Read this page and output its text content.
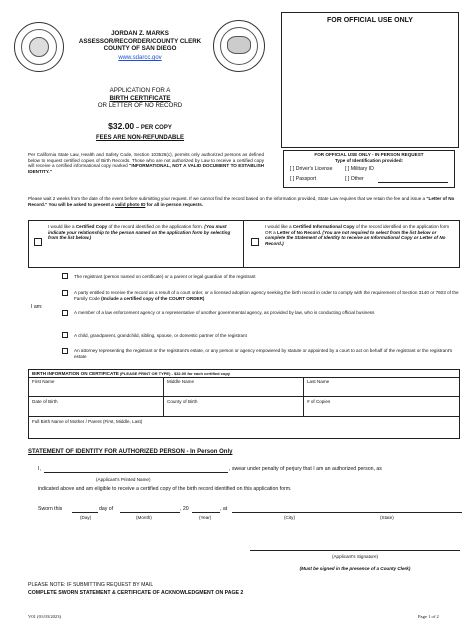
JORDAN Z. MARKS
ASSESSOR/RECORDER/COUNTY CLERK
COUNTY OF SAN DIEGO
www.sdarcc.gov
FOR OFFICIAL USE ONLY
APPLICATION FOR A
BIRTH CERTIFICATE
OR LETTER OF NO RECORD
$32.00 – PER COPY
FEES ARE NON-REFUNDABLE
Per California State Law, Health and Safety Code, Section 103526(c), permits only authorized persons as defined below to request certified copies of Birth Records. Those who are not authorized by Law to receive a certified copy will receive a certified informational copy marked "INFORMATIONAL, NOT A VALID DOCUMENT TO ESTABLISH IDENTITY."
FOR OFFICIAL USE ONLY - IN PERSON REQUEST
Type of Identification provided:
[ ] Driver's License [ ] Military ID
[ ] Passport	[ ] Other
Please wait 2 weeks from the date of the event before submitting your request. If we cannot find the record based on the information provided, State Law requires that we retain the fee and issue a "Letter of No Record." You will be asked to present a valid photo ID for all in-person requests.
I would like a Certified Copy of the record identified on the application form. (You must indicate your relationship to the person named on the application form by selecting from the list below.)
I would like a Certified Informational Copy of the record identified on the application form OR a Letter of No Record. (You are not required to select from the list below or complete the Statement of Identity to receive an Informational Copy or Letter of No Record.)
I am:
The registrant (person named on certificate) or a parent or legal guardian of the registrant
A party entitled to receive the record as a result of a court order, or a licensed adoption agency seeking the birth record in order to comply with the requirement of Section 3140 or 7603 of the Family Code (Include a certified copy of the COURT ORDER)
A member of a law enforcement agency or a representative of another governmental agency, as provided by law, who is conducting official business
A child, grandparent, grandchild, sibling, spouse, or domestic partner of the registrant
An attorney representing the registrant or the registrant's estate, or any person or agency empowered by statute or appointed by a court to act on behalf of the registrant or the registrant's estate
BIRTH INFORMATION ON CERTIFICATE (PLEASE PRINT OR TYPE) - $32.00 for each certified copy
First Name	Middle Name	Last Name
Date of Birth	County of Birth	# of Copies
Full Birth Name of Mother / Parent (First, Middle, Last)
STATEMENT OF IDENTITY FOR AUTHORIZED PERSON - In Person Only
I,	, swear under penalty of perjury that I am an authorized person, as
(Applicant's Printed Name)
indicated above and am eligible to receive a certified copy of the birth record identified on this application form.
Sworn this	day of	, 20	, at
(Day)	(Month)	(Year)	(City)	(State)
(Applicant's Signature)
(Must be signed in the presence of a County Clerk)
PLEASE NOTE: IF SUBMITTING REQUEST BY MAIL
COMPLETE SWORN STATEMENT & CERTIFICATE OF ACKNOWLEDGMENT ON PAGE 2
V01 (01/03/2023)	Page 1 of 2
